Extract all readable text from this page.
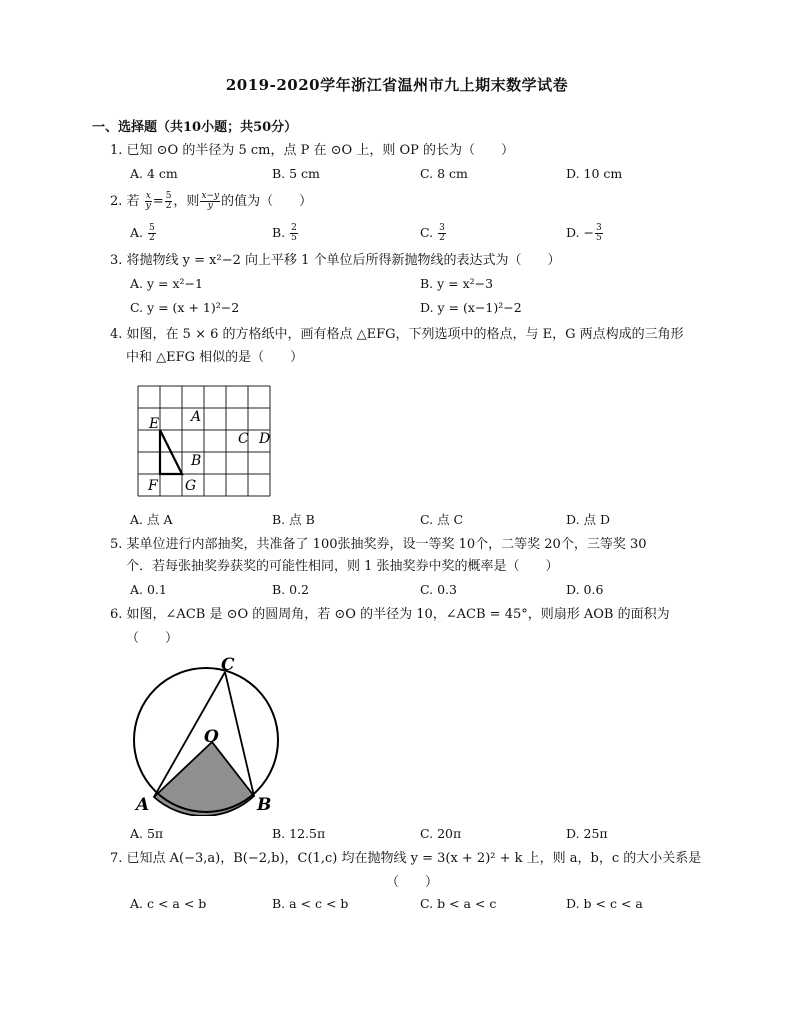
2019-2020学年浙江省温州市九上期末数学试卷
一、选择题（共10小题；共50分）
1. 已知 ⊙O 的半径为 5 cm，点 P 在 ⊙O 上，则 OP 的长为（　　）
A. 4 cm	B. 5 cm	C. 8 cm	D. 10 cm
2. 若 $\frac{x}{y} = \frac{5}{2}$ ，则 $\frac{x-y}{y}$ 的值为（　　）
A. $\frac{5}{2}$	B. $\frac{2}{5}$	C. $\frac{3}{2}$	D. − $\frac{3}{5}$
3. 将抛物线 y = x²−2 向上平移 1 个单位后所得新抛物线的表达式为（　　）
A. y = x²−1	B. y = x²−3
C. y = (x + 1)²−2	D. y = (x−1)²−2
4. 如图，在 5 × 6 的方格纸中，画有格点 △EFG，下列选项中的格点，与 E，G 两点构成的三角形
中和 △EFG 相似的是（　　）
E A
C D
B
F G
A. 点 A	B. 点 B	C. 点 C	D. 点 D
5. 某单位进行内部抽奖，共准备了 100张抽奖券，设一等奖 10个，二等奖 20个，三等奖 30
个．若每张抽奖券获奖的可能性相同，则 1 张抽奖券中奖的概率是（　　）
A. 0.1	B. 0.2	C. 0.3	D. 0.6
6. 如图，∠ACB 是 ⊙O 的圆周角，若 ⊙O 的半径为 10，∠ACB = 45°，则扇形 AOB 的面积为
（　　）
C
O
A	B
A. 5π	B. 12.5π	C. 20π	D. 25π
7. 已知点 A(−3,a)，B(−2,b)，C(1,c) 均在抛物线 y = 3(x + 2)² + k 上，则 a，b，c 的大小关系是
（　　）
A. c < a < b	B. a < c < b	C. b < a < c	D. b < c < a
